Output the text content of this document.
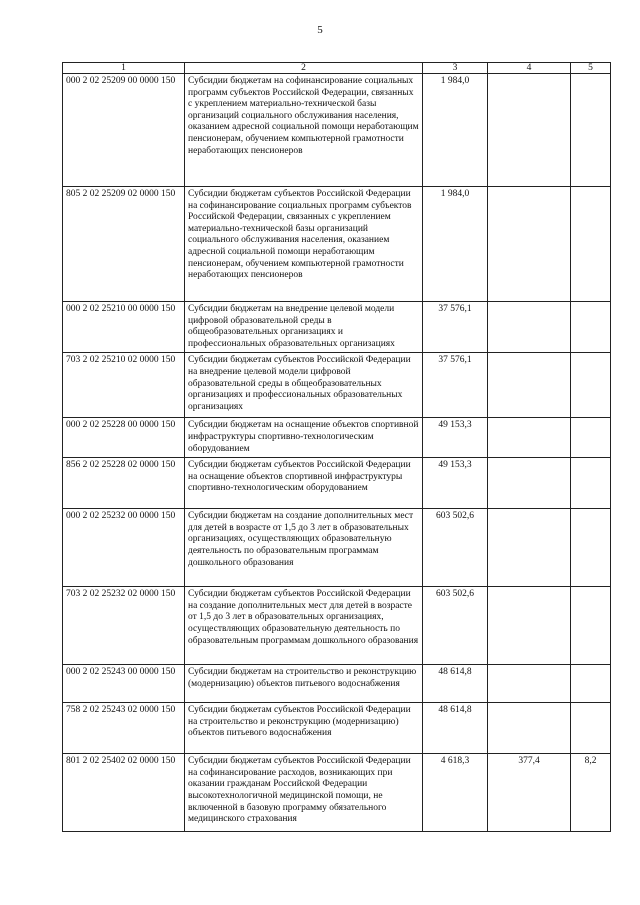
5
1	2	3	4	5
000 2 02 25209 00 0000 150	Субсидии бюджетам на софинансирование социальных программ субъектов Российской Федерации, связанных с укреплением материально-технической базы организаций социального обслуживания населения, оказанием адресной социальной помощи неработающим пенсионерам, обучением компьютерной грамотности неработающих пенсионеров	1 984,0		
805 2 02 25209 02 0000 150	Субсидии бюджетам субъектов Российской Федерации на софинансирование социальных программ субъектов Российской Федерации, связанных с укреплением материально-технической базы организаций социального обслуживания населения, оказанием адресной социальной помощи неработающим пенсионерам, обучением компьютерной грамотности неработающих пенсионеров	1 984,0		
000 2 02 25210 00 0000 150	Субсидии бюджетам на внедрение целевой модели цифровой образовательной среды в общеобразовательных организациях и профессиональных образовательных организациях	37 576,1		
703 2 02 25210 02 0000 150	Субсидии бюджетам субъектов Российской Федерации на внедрение целевой модели цифровой образовательной среды в общеобразовательных организациях и профессиональных образовательных организациях	37 576,1		
000 2 02 25228 00 0000 150	Субсидии бюджетам на оснащение объектов спортивной инфраструктуры спортивно-технологическим оборудованием	49 153,3		
856 2 02 25228 02 0000 150	Субсидии бюджетам субъектов Российской Федерации на оснащение объектов спортивной инфраструктуры спортивно-технологическим оборудованием	49 153,3		
000 2 02 25232 00 0000 150	Субсидии бюджетам на создание дополнительных мест для детей в возрасте от 1,5 до 3 лет в образовательных организациях, осуществляющих образовательную деятельность по образовательным программам дошкольного образования	603 502,6		
703 2 02 25232 02 0000 150	Субсидии бюджетам субъектов Российской Федерации на создание дополнительных мест для детей в возрасте от 1,5 до 3 лет в образовательных организациях, осуществляющих образовательную деятельность по образовательным программам дошкольного образования	603 502,6		
000 2 02 25243 00 0000 150	Субсидии бюджетам на строительство и реконструкцию (модернизацию) объектов питьевого водоснабжения	48 614,8		
758 2 02 25243 02 0000 150	Субсидии бюджетам субъектов Российской Федерации на строительство и реконструкцию (модернизацию) объектов питьевого водоснабжения	48 614,8		
801 2 02 25402 02 0000 150	Субсидии бюджетам субъектов Российской Федерации на софинансирование расходов, возникающих при оказании гражданам Российской Федерации высокотехнологичной медицинской помощи, не включенной в базовую программу обязательного медицинского страхования	4 618,3	377,4	8,2
